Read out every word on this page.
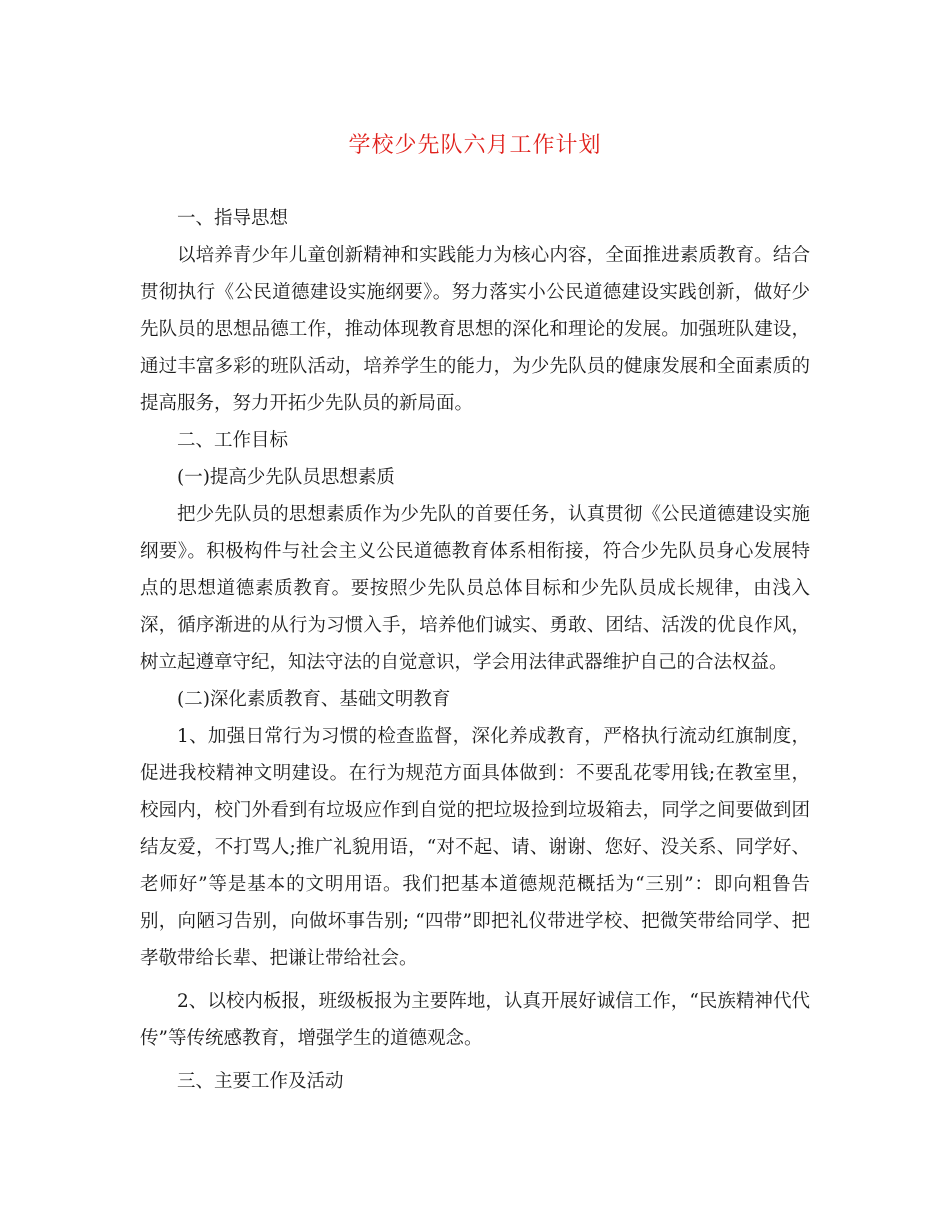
学校少先队六月工作计划

一、指导思想

以培养青少年儿童创新精神和实践能力为核心内容，全面推进素质教育。结合贯彻执行《公民道德建设实施纲要》。努力落实小公民道德建设实践创新，做好少先队员的思想品德工作，推动体现教育思想的深化和理论的发展。加强班队建设，通过丰富多彩的班队活动，培养学生的能力，为少先队员的健康发展和全面素质的提高服务，努力开拓少先队员的新局面。

二、工作目标

(一)提高少先队员思想素质

把少先队员的思想素质作为少先队的首要任务，认真贯彻《公民道德建设实施纲要》。积极构件与社会主义公民道德教育体系相衔接，符合少先队员身心发展特点的思想道德素质教育。要按照少先队员总体目标和少先队员成长规律，由浅入深，循序渐进的从行为习惯入手，培养他们诚实、勇敢、团结、活泼的优良作风，树立起遵章守纪，知法守法的自觉意识，学会用法律武器维护自己的合法权益。

(二)深化素质教育、基础文明教育

1、加强日常行为习惯的检查监督，深化养成教育，严格执行流动红旗制度，促进我校精神文明建设。在行为规范方面具体做到：不要乱花零用钱;在教室里，校园内，校门外看到有垃圾应作到自觉的把垃圾捡到垃圾箱去，同学之间要做到团结友爱，不打骂人;推广礼貌用语，“对不起、请、谢谢、您好、没关系、同学好、老师好”等是基本的文明用语。我们把基本道德规范概括为“三别”：即向粗鲁告别，向陋习告别，向做坏事告别; “四带”即把礼仪带进学校、把微笑带给同学、把孝敬带给长辈、把谦让带给社会。

2、以校内板报，班级板报为主要阵地，认真开展好诚信工作，“民族精神代代传”等传统感教育，增强学生的道德观念。

三、主要工作及活动
